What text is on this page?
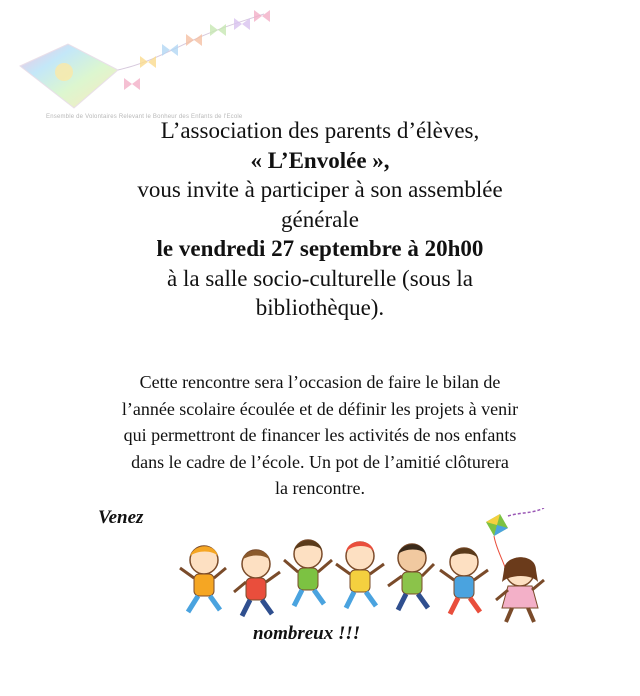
Ensemble de Volontaires Relevant le Bonheur des Enfants de l'Ecole
L’association des parents d’élèves,
« L’Envolée »,
vous invite à participer à son assemblée
générale
le vendredi 27 septembre à 20h00
à la salle socio-culturelle (sous la
bibliothèque).
Cette rencontre sera l’occasion de faire le bilan de
l’année scolaire écoulée et de définir les projets à venir
qui permettront de financer les activités de nos enfants
dans le cadre de l’école. Un pot de l’amitié clôturera
la rencontre.
Venez
nombreux !!!
